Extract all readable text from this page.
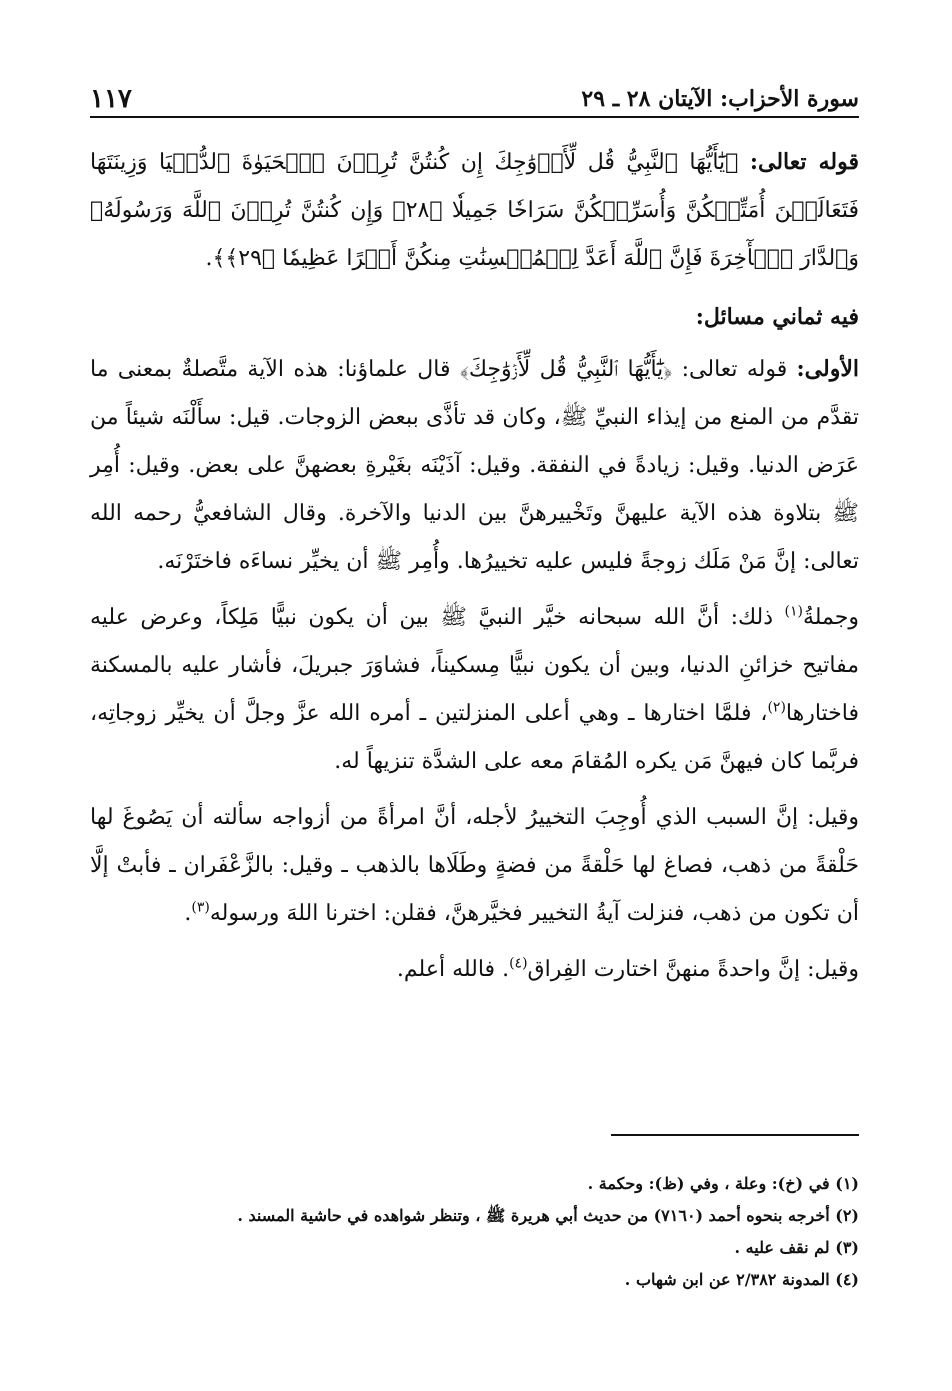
سورة الأحزاب: الآيتان ٢٨ ـ ٢٩
١١٧

قوله تعالى: ﴿يَٰٓأَيُّهَا ٱلنَّبِيُّ قُل لِّأَزۡوَٰجِكَ إِن كُنتُنَّ تُرِدۡنَ ٱلۡحَيَوٰةَ ٱلدُّنۡيَا وَزِينَتَهَا فَتَعَالَيۡنَ أُمَتِّعۡكُنَّ وَأُسَرِّحۡكُنَّ سَرَاحٗا جَمِيلٗا ﴿٢٨﴾ وَإِن كُنتُنَّ تُرِدۡنَ ٱللَّهَ وَرَسُولَهُۥ وَٱلدَّارَ ٱلۡأٓخِرَةَ فَإِنَّ ٱللَّهَ أَعَدَّ لِلۡمُحۡسِنَٰتِ مِنكُنَّ أَجۡرًا عَظِيمٗا ﴿٢٩﴾﴾.

فيه ثماني مسائل:

الأولى: قوله تعالى: ﴿يَٰٓأَيُّهَا ٱلنَّبِيُّ قُل لِّأَزۡوَٰجِكَ﴾ قال علماؤنا: هذه الآية متَّصلةٌ بمعنى ما تقدَّم من المنع من إيذاء النبيِّ ﷺ، وكان قد تأذَّى ببعض الزوجات. قيل: سأَلْنَه شيئاً من عَرَض الدنيا. وقيل: زيادةً في النفقة. وقيل: آذَيْنَه بغَيْرةِ بعضهنَّ على بعض. وقيل: أُمِر ﷺ بتلاوة هذه الآية عليهنَّ وتَخْييرهنَّ بين الدنيا والآخرة. وقال الشافعيُّ رحمه الله تعالى: إنَّ مَنْ مَلَك زوجةً فليس عليه تخييرُها. وأُمِر ﷺ أن يخيِّر نساءَه فاختَرْنَه.

وجملةُ$^{(١)}$ ذلك: أنَّ الله سبحانه خيَّر النبيَّ ﷺ بين أن يكون نبيًّا مَلِكاً، وعرض عليه مفاتيح خزائنِ الدنيا، وبين أن يكون نبيًّا مِسكيناً، فشاوَرَ جبريلَ، فأشار عليه بالمسكنة فاختارها$^{(٢)}$، فلمَّا اختارها ـ وهي أعلى المنزلتين ـ أمره الله عزَّ وجلَّ أن يخيِّر زوجاتِه، فربَّما كان فيهنَّ مَن يكره المُقامَ معه على الشدَّة تنزيهاً له.

وقيل: إنَّ السبب الذي أُوجِبَ التخييرُ لأجله، أنَّ امرأةً من أزواجه سألته أن يَصُوغَ لها حَلْقةً من ذهب، فصاغ لها حَلْقةً من فضةٍ وطَلَاها بالذهب ـ وقيل: بالزَّعْفَران ـ فأبتْ إلَّا أن تكون من ذهب، فنزلت آيةُ التخيير فخيَّرهنَّ، فقلن: اخترنا اللهَ ورسوله$^{(٣)}$.

وقيل: إنَّ واحدةً منهنَّ اختارت الفِراق$^{(٤)}$. فالله أعلم.

(١) في (خ): وعلة ، وفي (ظ): وحكمة .
(٢) أخرجه بنحوه أحمد (٧١٦٠) من حديث أبي هريرة ﷺ ، وتنظر شواهده في حاشية المسند .
(٣) لم نقف عليه .
(٤) المدونة ٢/٣٨٢ عن ابن شهاب .
